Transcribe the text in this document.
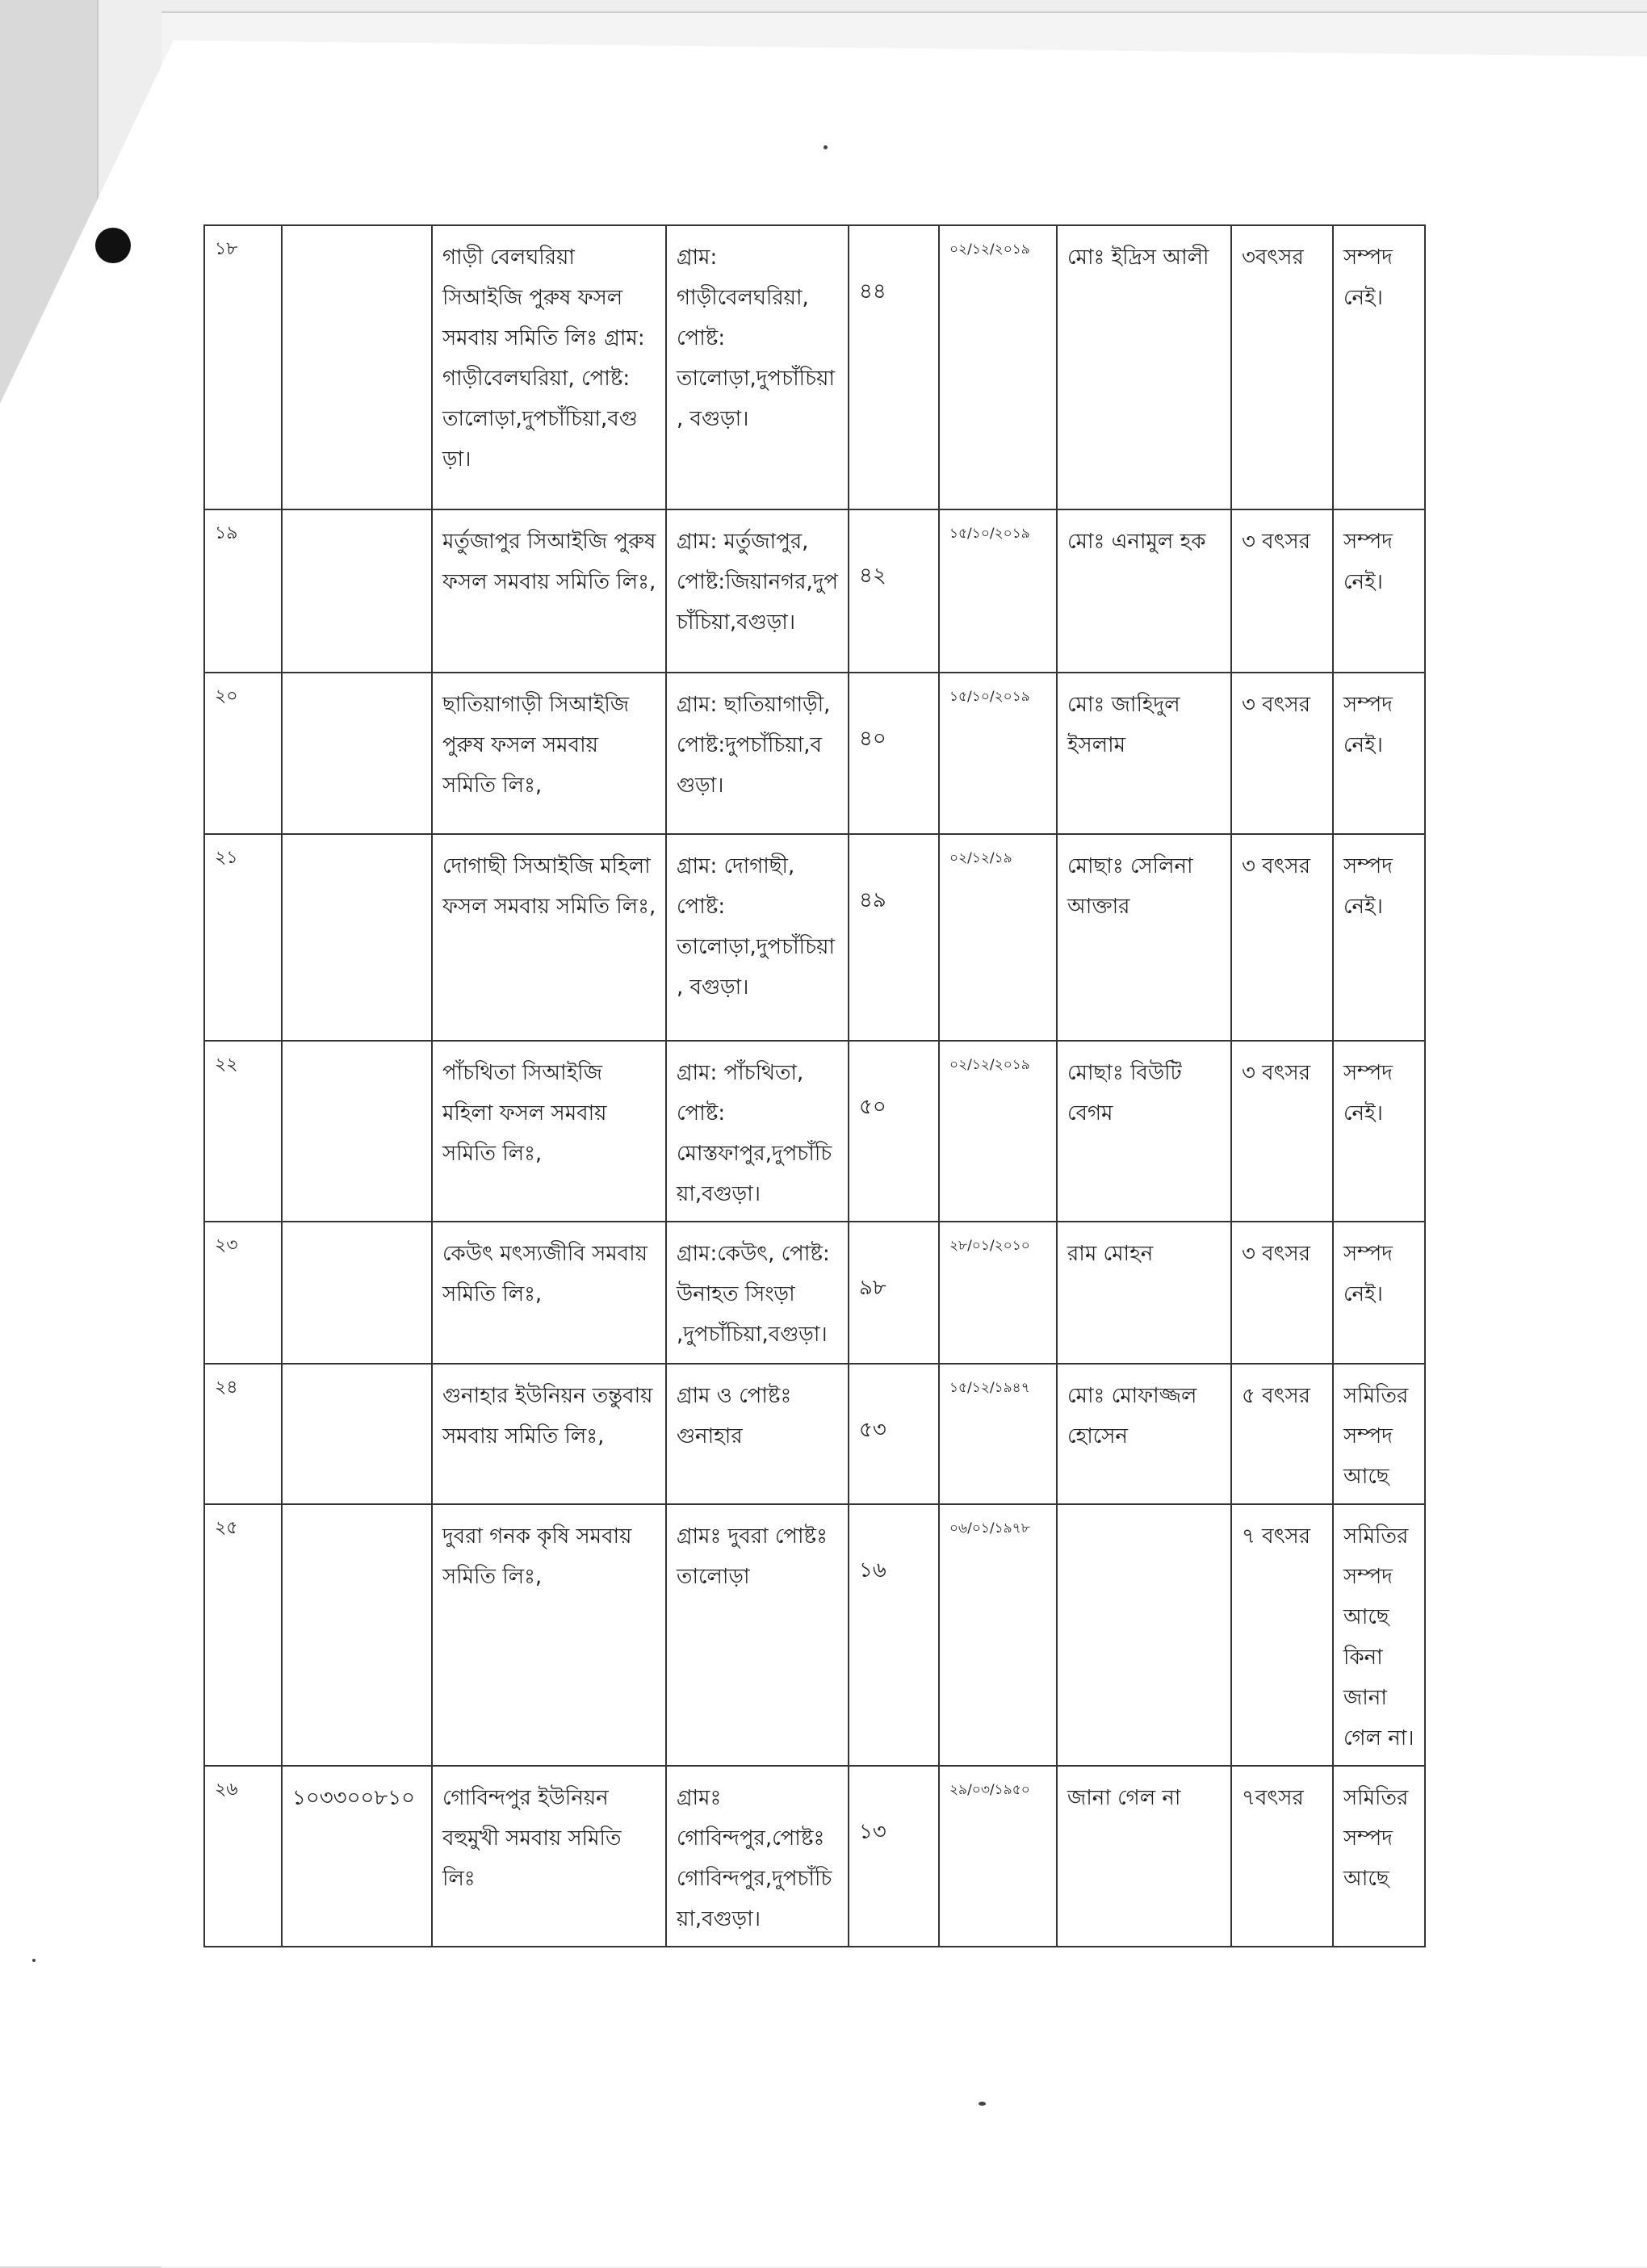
১৮		গাড়ী বেলঘরিয়া সিআইজি পুরুষ ফসল সমবায় সমিতি লিঃ গ্রাম: গাড়ীবেলঘরিয়া, পোষ্ট: তালোড়া,দুপচাঁচিয়া,বগুড়া।	গ্রাম: গাড়ীবেলঘরিয়া, পোষ্ট: তালোড়া,দুপচাঁচিয়া, বগুড়া।	৪৪	০২/১২/২০১৯	মোঃ ইদ্রিস আলী	৩বৎসর	সম্পদ নেই।
১৯		মর্তুজাপুর সিআইজি পুরুষ ফসল সমবায় সমিতি লিঃ,	গ্রাম: মর্তুজাপুর, পোষ্ট:জিয়ানগর,দুপচাঁচিয়া,বগুড়া।	৪২	১৫/১০/২০১৯	মোঃ এনামুল হক	৩ বৎসর	সম্পদ নেই।
২০		ছাতিয়াগাড়ী সিআইজি পুরুষ ফসল সমবায় সমিতি লিঃ,	গ্রাম: ছাতিয়াগাড়ী, পোষ্ট:দুপচাঁচিয়া,বগুড়া।	৪০	১৫/১০/২০১৯	মোঃ জাহিদুল ইসলাম	৩ বৎসর	সম্পদ নেই।
২১		দোগাছী সিআইজি মহিলা ফসল সমবায় সমিতি লিঃ,	গ্রাম: দোগাছী, পোষ্ট: তালোড়া,দুপচাঁচিয়া, বগুড়া।	৪৯	০২/১২/১৯	মোছাঃ সেলিনা আক্তার	৩ বৎসর	সম্পদ নেই।
২২		পাঁচথিতা সিআইজি মহিলা ফসল সমবায় সমিতি লিঃ,	গ্রাম: পাঁচথিতা, পোষ্ট: মোস্তফাপুর,দুপচাঁচিয়া,বগুড়া।	৫০	০২/১২/২০১৯	মোছাঃ বিউটি বেগম	৩ বৎসর	সম্পদ নেই।
২৩		কেউৎ মৎস্যজীবি সমবায় সমিতি লিঃ,	গ্রাম:কেউৎ, পোষ্ট: উনাহত সিংড়া ,দুপচাঁচিয়া,বগুড়া।	৯৮	২৮/০১/২০১০	রাম মোহন	৩ বৎসর	সম্পদ নেই।
২৪		গুনাহার ইউনিয়ন তন্তুবায় সমবায় সমিতি লিঃ,	গ্রাম ও পোষ্টঃ গুনাহার	৫৩	১৫/১২/১৯৪৭	মোঃ মোফাজ্জল হোসেন	৫ বৎসর	সমিতির সম্পদ আছে
২৫		দুবরা গনক কৃষি সমবায় সমিতি লিঃ,	গ্রামঃ দুবরা পোষ্টঃ তালোড়া	১৬	০৬/০১/১৯৭৮		৭ বৎসর	সমিতির সম্পদ আছে কিনা জানা গেল না।
২৬	১০৩৩০০৮১০	গোবিন্দপুর ইউনিয়ন বহুমুখী সমবায় সমিতি লিঃ	গ্রামঃ গোবিন্দপুর,পোষ্টঃ গোবিন্দপুর,দুপচাঁচিয়া,বগুড়া।	১৩	২৯/০৩/১৯৫০	জানা গেল না	৭বৎসর	সমিতির সম্পদ আছে
